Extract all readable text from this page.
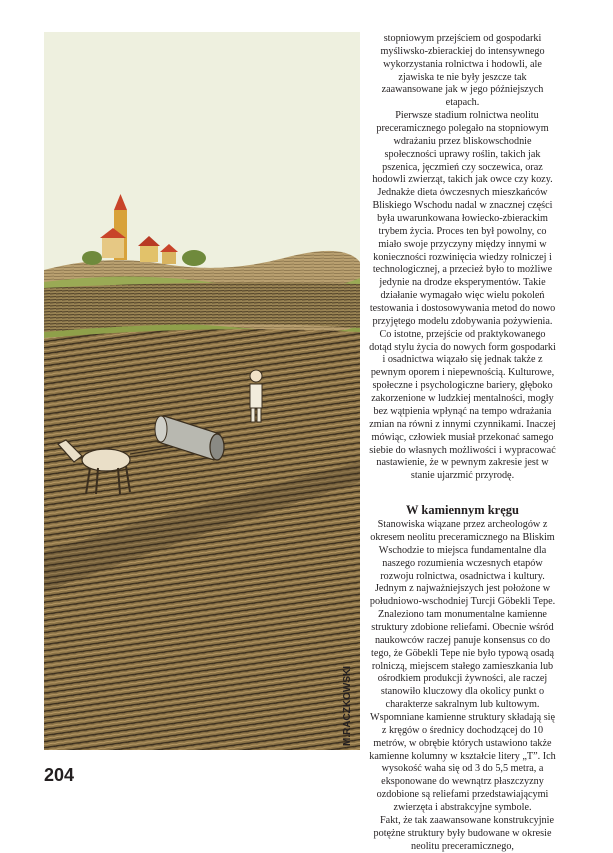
M.RACZKOWSKI

stopniowym przejściem od gospodarki myśliwsko-zbierackiej do intensywnego wykorzystania rolnictwa i hodowli, ale zjawiska te nie były jeszcze tak zaawansowane jak w jego późniejszych etapach.

Pierwsze stadium rolnictwa neolitu preceramicznego polegało na stopniowym wdrażaniu przez bliskowschodnie społeczności uprawy roślin, takich jak pszenica, jęczmień czy soczewica, oraz hodowli zwierząt, takich jak owce czy kozy. Jednakże dieta ówczesnych mieszkańców Bliskiego Wschodu nadal w znacznej części była uwarunkowana łowiecko-zbierackim trybem życia. Proces ten był powolny, co miało swoje przyczyny między innymi w konieczności rozwinięcia wiedzy rolniczej i technologicznej, a przecież było to możliwe jedynie na drodze eksperymentów. Takie działanie wymagało więc wielu pokoleń testowania i dostosowywania metod do nowo przyjętego modelu zdobywania pożywienia. Co istotne, przejście od praktykowanego dotąd stylu życia do nowych form gospodarki i osadnictwa wiązało się jednak także z pewnym oporem i niepewnością. Kulturowe, społeczne i psychologiczne bariery, głęboko zakorzenione w ludzkiej mentalności, mogły bez wątpienia wpłynąć na tempo wdrażania zmian na równi z innymi czynnikami. Inaczej mówiąc, człowiek musiał przekonać samego siebie do własnych możliwości i wypracować nastawienie, że w pewnym zakresie jest w stanie ujarzmić przyrodę.

W kamiennym kręgu

Stanowiska wiązane przez archeologów z okresem neolitu preceramicznego na Bliskim Wschodzie to miejsca fundamentalne dla naszego rozumienia wczesnych etapów rozwoju rolnictwa, osadnictwa i kultury. Jednym z najważniejszych jest położone w południowo-wschodniej Turcji Göbekli Tepe. Znaleziono tam monumentalne kamienne struktury zdobione reliefami. Obecnie wśród naukowców raczej panuje konsensus co do tego, że Göbekli Tepe nie było typową osadą rolniczą, miejscem stałego zamieszkania lub ośrodkiem produkcji żywności, ale raczej stanowiło kluczowy dla okolicy punkt o charakterze sakralnym lub kultowym. Wspomniane kamienne struktury składają się z kręgów o średnicy dochodzącej do 10 metrów, w obrębie których ustawiono także kamienne kolumny w kształcie litery „T”. Ich wysokość waha się od 3 do 5,5 metra, a eksponowane do wewnątrz płaszczyzny ozdobione są reliefami przedstawiającymi zwierzęta i abstrakcyjne symbole.

Fakt, że tak zaawansowane konstrukcyjnie potężne struktury były budowane w okresie neolitu preceramicznego,

204
